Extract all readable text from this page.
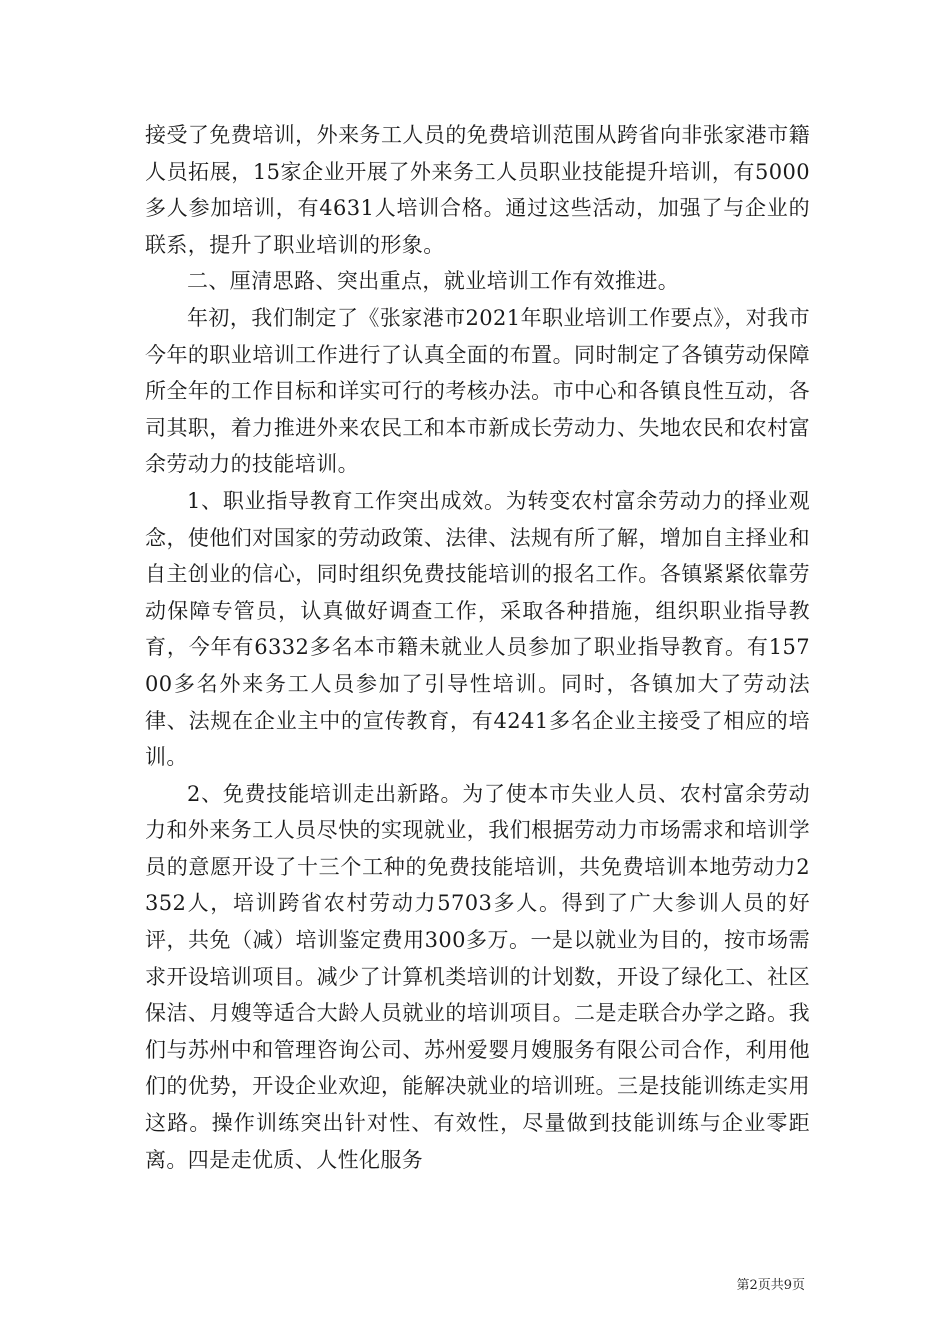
接受了免费培训，外来务工人员的免费培训范围从跨省向非张家港市籍人员拓展，15家企业开展了外来务工人员职业技能提升培训，有5000多人参加培训，有4631人培训合格。通过这些活动，加强了与企业的联系，提升了职业培训的形象。

二、厘清思路、突出重点，就业培训工作有效推进。

年初，我们制定了《张家港市2021年职业培训工作要点》，对我市今年的职业培训工作进行了认真全面的布置。同时制定了各镇劳动保障所全年的工作目标和详实可行的考核办法。市中心和各镇良性互动，各司其职，着力推进外来农民工和本市新成长劳动力、失地农民和农村富余劳动力的技能培训。

1、职业指导教育工作突出成效。为转变农村富余劳动力的择业观念，使他们对国家的劳动政策、法律、法规有所了解，增加自主择业和自主创业的信心，同时组织免费技能培训的报名工作。各镇紧紧依靠劳动保障专管员，认真做好调查工作，采取各种措施，组织职业指导教育，今年有6332多名本市籍未就业人员参加了职业指导教育。有15700多名外来务工人员参加了引导性培训。同时，各镇加大了劳动法律、法规在企业主中的宣传教育，有4241多名企业主接受了相应的培训。

2、免费技能培训走出新路。为了使本市失业人员、农村富余劳动力和外来务工人员尽快的实现就业，我们根据劳动力市场需求和培训学员的意愿开设了十三个工种的免费技能培训，共免费培训本地劳动力2352人，培训跨省农村劳动力5703多人。得到了广大参训人员的好评，共免（减）培训鉴定费用300多万。一是以就业为目的，按市场需求开设培训项目。减少了计算机类培训的计划数，开设了绿化工、社区保洁、月嫂等适合大龄人员就业的培训项目。二是走联合办学之路。我们与苏州中和管理咨询公司、苏州爱婴月嫂服务有限公司合作，利用他们的优势，开设企业欢迎，能解决就业的培训班。三是技能训练走实用这路。操作训练突出针对性、有效性，尽量做到技能训练与企业零距离。四是走优质、人性化服务

第2页共9页
